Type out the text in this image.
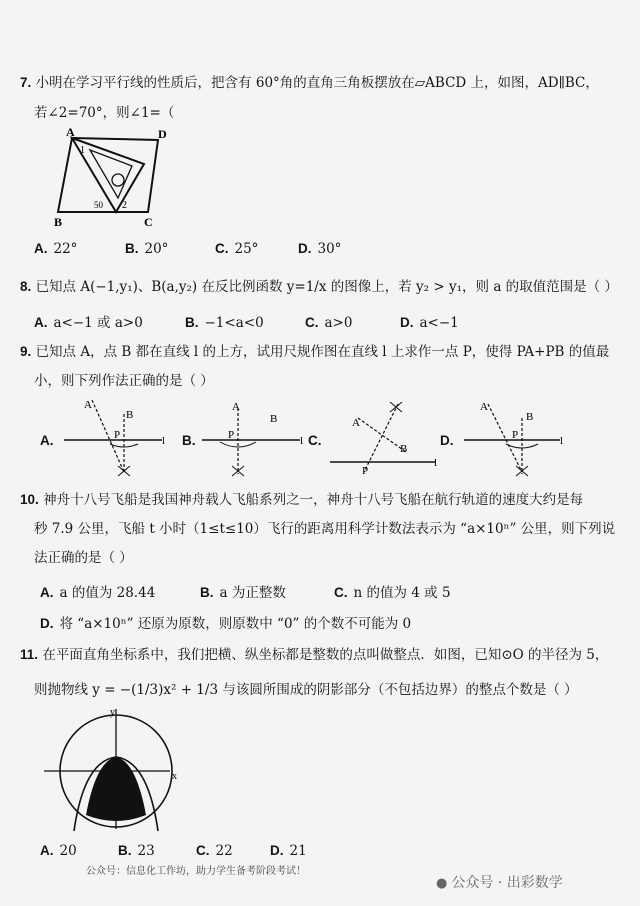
7. 小明在学习平行线的性质后，把含有 60°角的直角三角板摆放在▱ABCD 上，如图，AD∥BC，
若∠2=70°，则∠1=（
A	D
B	C
1
2
50
A. 22°	B. 20°	C. 25°	D. 30°
8. 已知点 A(−1,y₁)、B(a,y₂) 在反比例函数 y=1/x 的图像上，若 y₂ > y₁，则 a 的取值范围是（ ）
A. a<−1 或 a>0	B. −1<a<0	C. a>0	D. a<−1
9. 已知点 A，点 B 都在直线 l 的上方，试用尺规作图在直线 l 上求作一点 P，使得 PA+PB 的值最
小，则下列作法正确的是（ ）
A.
A
B
P	l B.
A
B
P	l C.
A
B
P
l
D.
A
B
P	l
10. 神舟十八号飞船是我国神舟载人飞船系列之一，神舟十八号飞船在航行轨道的速度大约是每
秒 7.9 公里，飞船 t 小时（1≤t≤10）飞行的距离用科学计数法表示为 “a×10ⁿ” 公里，则下列说
法正确的是（ ）
A. a 的值为 28.44	B. a 为正整数	C. n 的值为 4 或 5
D. 将 “a×10ⁿ” 还原为原数，则原数中 “0” 的个数不可能为 0
11. 在平面直角坐标系中，我们把横、纵坐标都是整数的点叫做整点．如图，已知⊙O 的半径为 5，
则抛物线 y = −(1/3)x² + 1/3 与该圆所围成的阴影部分（不包括边界）的整点个数是（ ）
x
y
A. 20	B. 23	C. 22	D. 21
公众号：信息化工作坊，助力学生备考阶段考试！
● 公众号 · 出彩数学
